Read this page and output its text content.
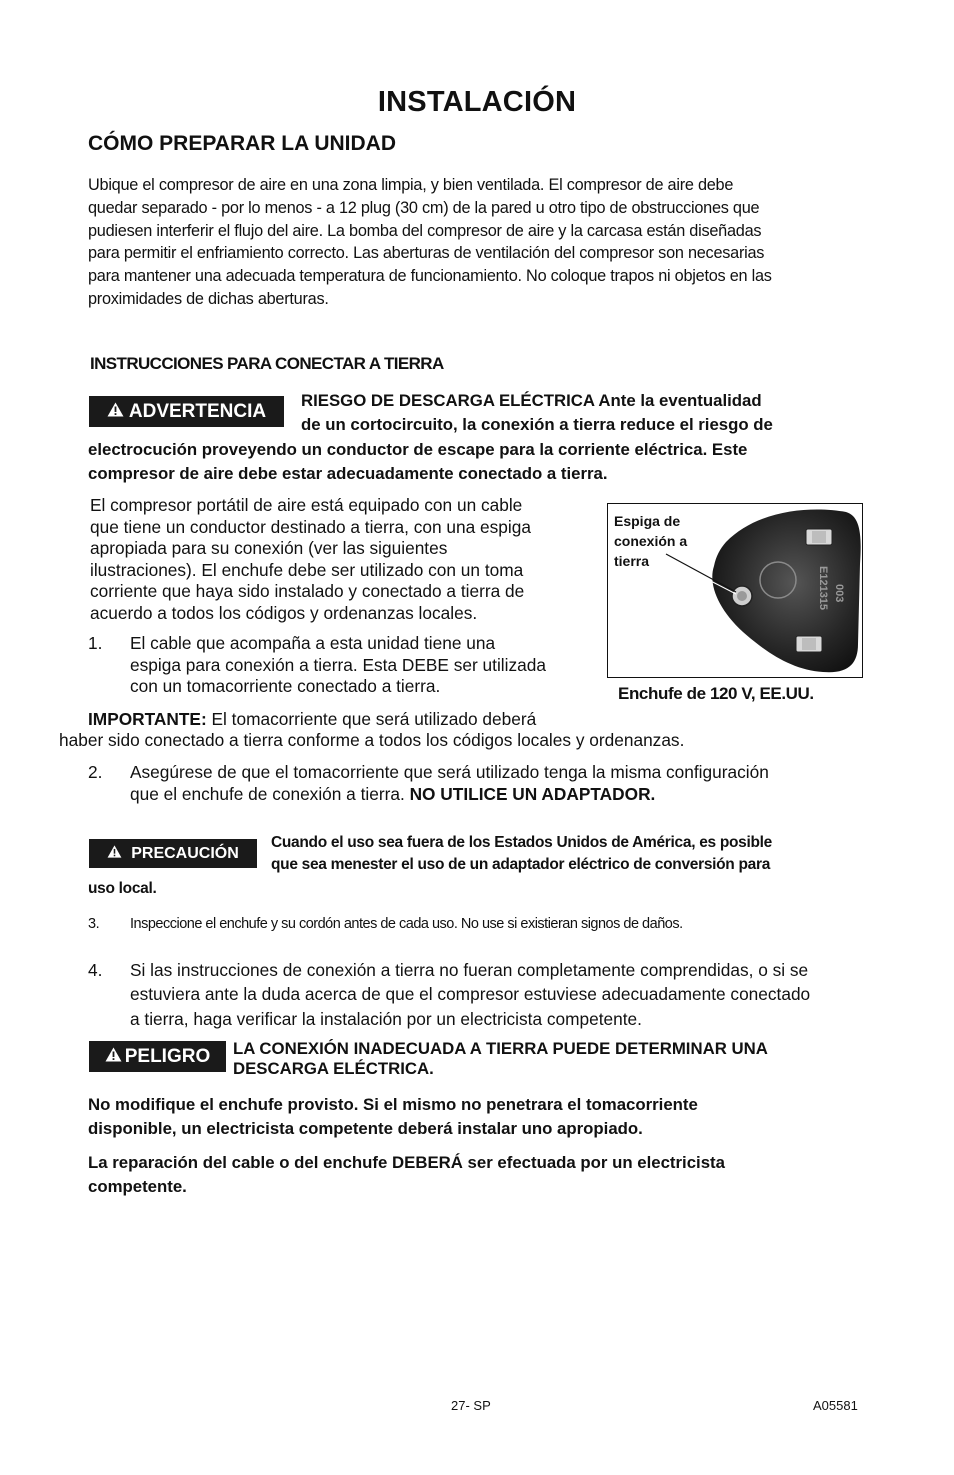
INSTALACIÓN
CÓMO PREPARAR LA UNIDAD
Ubique el compresor de aire en una zona limpia, y bien ventilada. El compresor de aire debe
quedar separado - por lo menos - a 12 plug (30 cm) de la pared u otro tipo de obstrucciones que
pudiesen interferir el flujo del aire. La bomba del compresor de aire y la carcasa están diseñadas
para permitir el enfriamiento correcto. Las aberturas de ventilación del compresor son necesarias
para mantener una adecuada temperatura de funcionamiento. No coloque trapos ni objetos en las
proximidades de dichas aberturas.
INSTRUCCIONES PARA CONECTAR A TIERRA
ADVERTENCIA RIESGO DE DESCARGA ELÉCTRICA Ante la eventualidad
de un cortocircuito, la conexión a tierra reduce el riesgo de
electrocución proveyendo un conductor de escape para la corriente eléctrica. Este
compresor de aire debe estar adecuadamente conectado a tierra.
El compresor portátil de aire está equipado con un cable
que tiene un conductor destinado a tierra, con una espiga
apropiada para su conexión (ver las siguientes
ilustraciones). El enchufe debe ser utilizado con un toma
corriente que haya sido instalado y conectado a tierra de
acuerdo a todos los códigos y ordenanzas locales.
1.	El cable que acompaña a esta unidad tiene una
espiga para conexión a tierra. Esta DEBE ser utilizada
con un tomacorriente conectado a tierra.
003
E121315
Espiga de
conexión a
tierra
Enchufe de 120 V, EE.UU.
IMPORTANTE: El tomacorriente que será utilizado deberá
haber sido conectado a tierra conforme a todos los códigos locales y ordenanzas.
2.	Asegúrese de que el tomacorriente que será utilizado tenga la misma configuración
que el enchufe de conexión a tierra. NO UTILICE UN ADAPTADOR.
PRECAUCIÓN
Cuando el uso sea fuera de los Estados Unidos de América, es posible
que sea menester el uso de un adaptador eléctrico de conversión para
uso local.
3.	Inspeccione el enchufe y su cordón antes de cada uso. No use si existieran signos de daños.
4.	Si las instrucciones de conexión a tierra no fueran completamente comprendidas, o si se
estuviera ante la duda acerca de que el compresor estuviese adecuadamente conectado
a tierra, haga verificar la instalación por un electricista competente.
PELIGRO LA CONEXIÓN INADECUADA A TIERRA PUEDE DETERMINAR UNA
DESCARGA ELÉCTRICA.
No modifique el enchufe provisto. Si el mismo no penetrara el tomacorriente
disponible, un electricista competente deberá instalar uno apropiado.
La reparación del cable o del enchufe DEBERÁ ser efectuada por un electricista
competente.
27- SP	A05581
